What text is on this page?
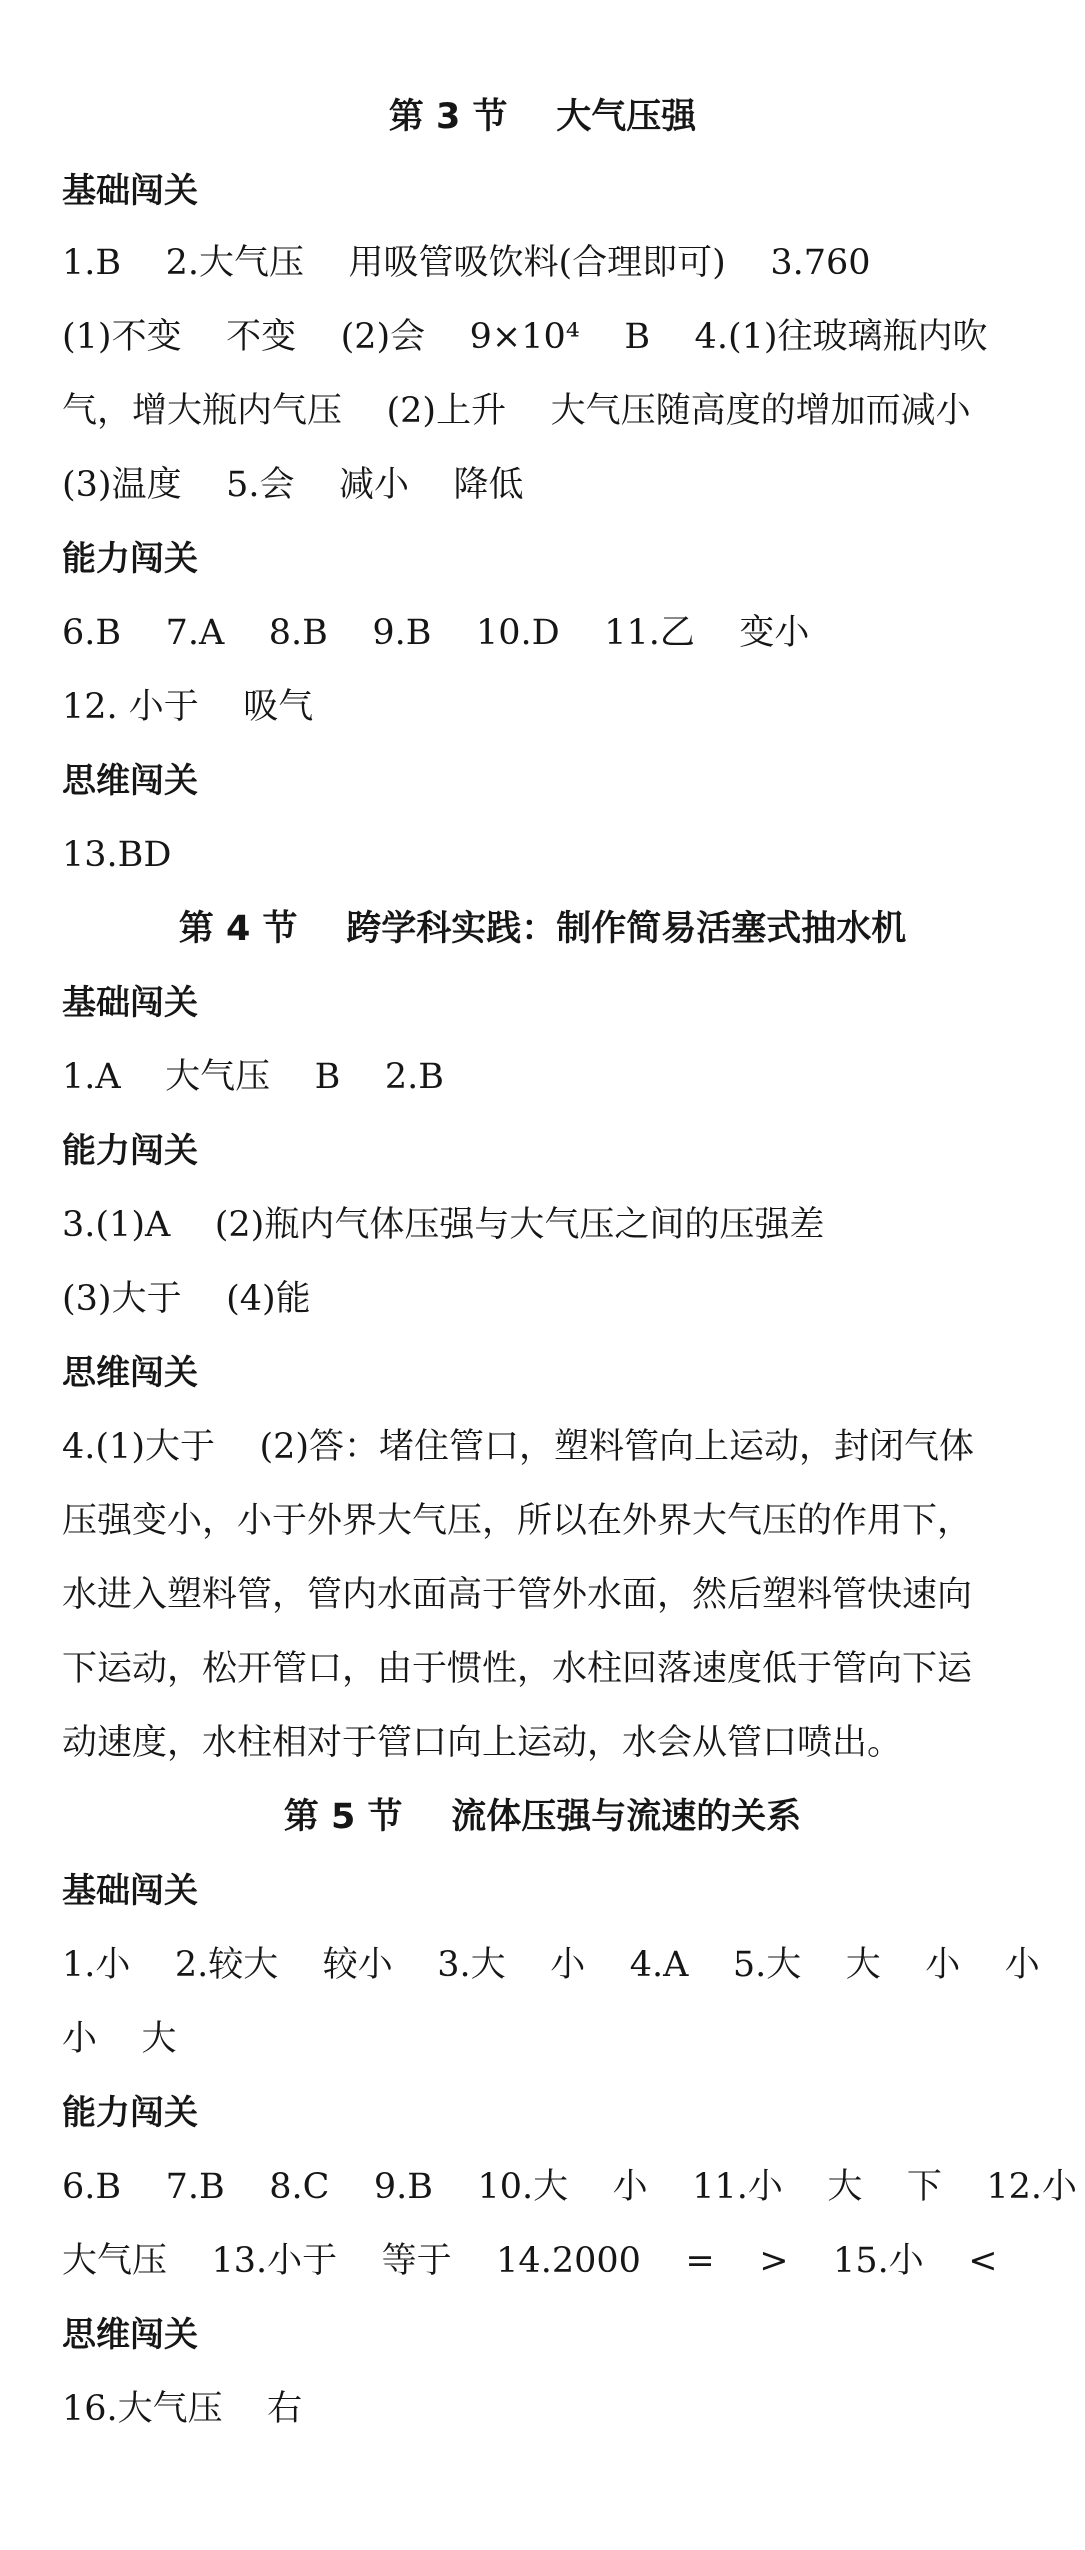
第 3 节    大气压强
基础闯关
1.B    2.大气压    用吸管吸饮料(合理即可)    3.760
(1)不变    不变    (2)会    9×10⁴    B    4.(1)往玻璃瓶内吹
气，增大瓶内气压    (2)上升    大气压随高度的增加而减小
(3)温度    5.会    减小    降低
能力闯关
6.B    7.A    8.B    9.B    10.D    11.乙    变小
12. 小于    吸气
思维闯关
13.BD
第 4 节    跨学科实践：制作简易活塞式抽水机
基础闯关
1.A    大气压    B    2.B
能力闯关
3.(1)A    (2)瓶内气体压强与大气压之间的压强差
(3)大于    (4)能
思维闯关
4.(1)大于    (2)答：堵住管口，塑料管向上运动，封闭气体
压强变小，小于外界大气压，所以在外界大气压的作用下，
水进入塑料管，管内水面高于管外水面，然后塑料管快速向
下运动，松开管口，由于惯性，水柱回落速度低于管向下运
动速度，水柱相对于管口向上运动，水会从管口喷出。
第 5 节    流体压强与流速的关系
基础闯关
1.小    2.较大    较小    3.大    小    4.A    5.大    大    小    小
小    大
能力闯关
6.B    7.B    8.C    9.B    10.大    小    11.小    大    下    12.小
大气压    13.小于    等于    14.2000    =    >    15.小    <
思维闯关
16.大气压    右
